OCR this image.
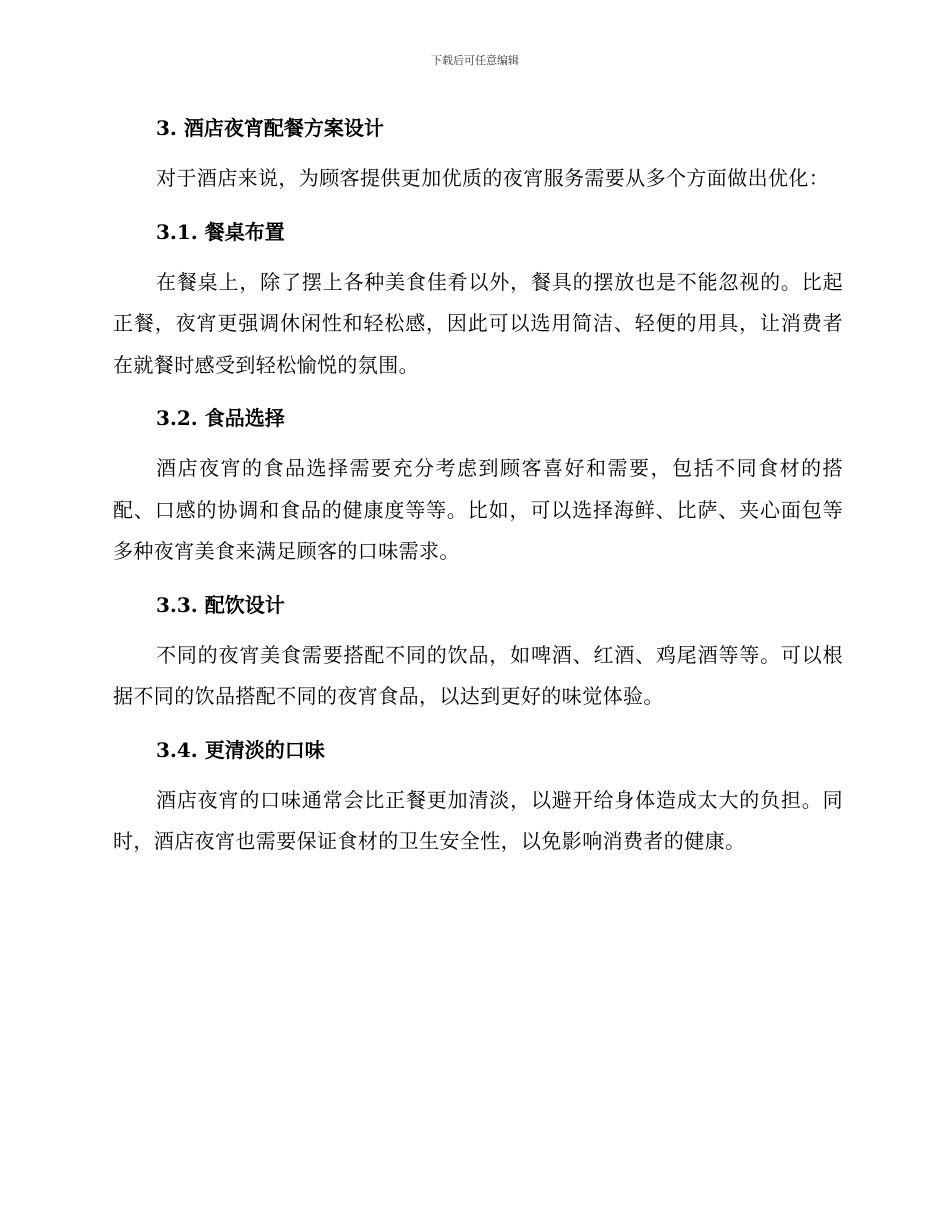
下载后可任意编辑
3. 酒店夜宵配餐方案设计

对于酒店来说，为顾客提供更加优质的夜宵服务需要从多个方面做出优化：

3.1. 餐桌布置

在餐桌上，除了摆上各种美食佳肴以外，餐具的摆放也是不能忽视的。比起正餐，夜宵更强调休闲性和轻松感，因此可以选用简洁、轻便的用具，让消费者在就餐时感受到轻松愉悦的氛围。

3.2. 食品选择

酒店夜宵的食品选择需要充分考虑到顾客喜好和需要，包括不同食材的搭配、口感的协调和食品的健康度等等。比如，可以选择海鲜、比萨、夹心面包等多种夜宵美食来满足顾客的口味需求。

3.3. 配饮设计

不同的夜宵美食需要搭配不同的饮品，如啤酒、红酒、鸡尾酒等等。可以根据不同的饮品搭配不同的夜宵食品，以达到更好的味觉体验。

3.4. 更清淡的口味

酒店夜宵的口味通常会比正餐更加清淡，以避开给身体造成太大的负担。同时，酒店夜宵也需要保证食材的卫生安全性，以免影响消费者的健康。
